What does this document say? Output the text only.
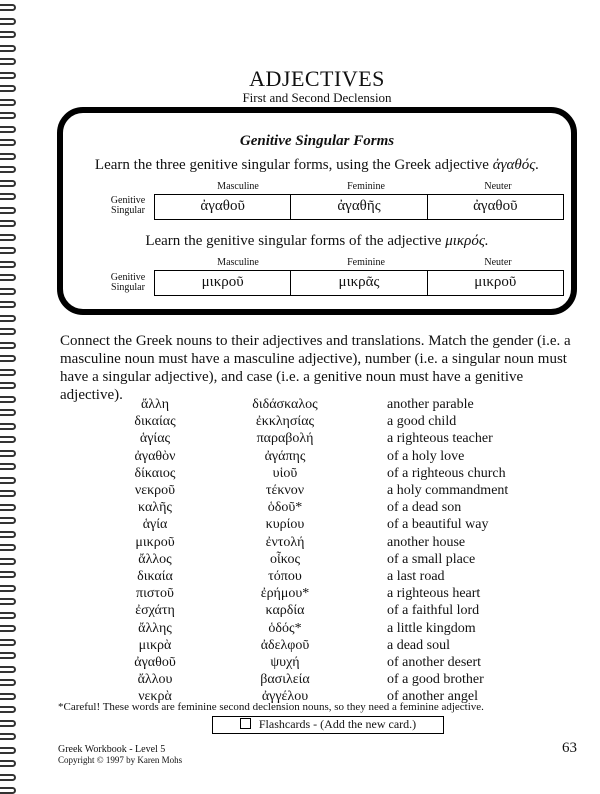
ADJECTIVES
First and Second Declension
Genitive Singular Forms
Learn the three genitive singular forms, using the Greek adjective ἀγαθός.
Masculine	Feminine	Neuter
Genitive
Singular	ἀγαθοῦ	ἀγαθῆς	ἀγαθοῦ
Learn the genitive singular forms of the adjective μικρός.
Masculine	Feminine	Neuter
Genitive
Singular	μικροῦ	μικρᾶς	μικροῦ
Connect the Greek nouns to their adjectives and translations. Match the gender (i.e. a masculine noun must have a masculine adjective), number (i.e. a singular noun must have a singular adjective), and case (i.e. a genitive noun must have a genitive adjective).
ἄλλη	διδάσκαλος	another parable
δικαίας	ἐκκλησίας	a good child
ἁγίας	παραβολή	a righteous teacher
ἀγαθὸν	ἀγάπης	of a holy love
δίκαιος	υἱοῦ	of a righteous church
νεκροῦ	τέκνον	a holy commandment
καλῆς	ὁδοῦ*	of a dead son
ἁγία	κυρίου	of a beautiful way
μικροῦ	ἐντολή	another house
ἄλλος	οἶκος	of a small place
δικαία	τόπου	a last road
πιστοῦ	ἐρήμου*	a righteous heart
ἐσχάτη	καρδία	of a faithful lord
ἄλλης	ὁδός*	a little kingdom
μικρὰ	ἀδελφοῦ	a dead soul
ἀγαθοῦ	ψυχή	of another desert
ἄλλου	βασιλεία	of a good brother
νεκρὰ	ἀγγέλου	of another angel
*Careful! These words are feminine second declension nouns, so they need a feminine adjective.
Flashcards - (Add the new card.)
Greek Workbook - Level 5
Copyright © 1997 by Karen Mohs
63
